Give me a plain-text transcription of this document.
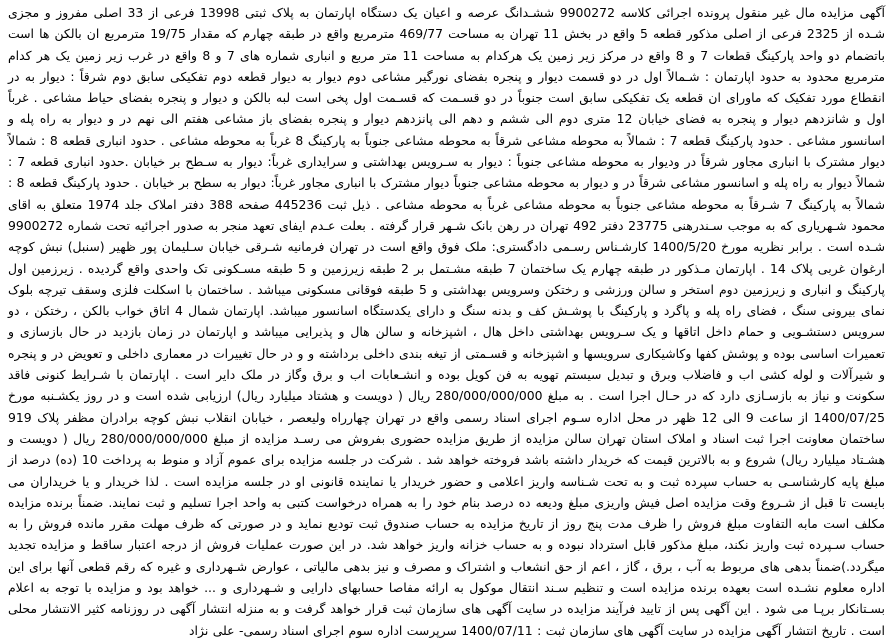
آگهی مزایده مال غیر منقول پرونده اجرائی کلاسه 9900272 ششـدانگ عرصه و اعیان یک دستگاه اپارتمان به پلاک ثبتی 13998 فرعی از 33 اصلی مفروز و مجزی شـده از 2325 فرعی از اصلی مذکور قطعه 5 واقع در بخش 11 تهران به مساحت 469/77 مترمربع واقع در طبقه چهارم که مقدار 19/75 مترمربع ان بالکن ها است باتضمام دو واحد پارکینگ قطعات 7 و 8 واقع در مرکز زیر زمین یک هرکدام به مساحت 11 متر مربع و انباری شماره های 7 و 8 واقع در غرب زیر زمین یک هر کدام مترمربع محدود به حدود اپارتمان : شـمالاً اول در دو قسمت دیوار و پنجره بفضای نورگیر مشاعی دوم دیوار به دیوار قطعه دوم تفکیکی سابق دوم شرقاً : دیوار به در انقطاع مورد تفکیک که ماورای ان قطعه یک تفکیکی سابق است جنوباً در دو قسـمت که قسـمت اول پخی است لبه بالکن و دیوار و پنجره بفضای حیاط مشاعی . غرباً اول و شانزدهم دیوار و پنجره به فضای خیابان 12 متری دوم الی ششم و دهم الی پانزدهم دیوار و پنجره بفضای باز مشاعی هفتم الی نهم در و دیوار به راه پله و اسانسور مشاعی . حدود پارکینگ قطعه 7 : شمالاً به محوطه مشاعی شرقاً به محوطه مشاعی جنوباً به پارکینگ 8 غرباً به محوطه مشاعی . حدود انباری قطعه 8 : شمالاً دیوار مشترک با انباری مجاور شرقاً در ودیوار به محوطه مشاعی جنوباً : دیوار به سـرویس بهداشتی و سرایداری غرباً: دیوار به سـطح بر خیابان .حدود انباری قطعه 7 : شمالاً دیوار به راه پله و اسانسور مشاعی شرقاً در و دیوار به محوطه مشاعی جنوباً دیوار مشترک با انباری مجاور غرباً: دیوار به سطح بر خیابان . حدود پارکینگ قطعه 8 : شمالاً به پارکینگ 7 شـرقاً به محوطه مشاعی جنوباً به محوطه مشاعی غرباً به محوطه مشاعی . ذیل ثبت 445236 صفحه 388 دفتر املاک جلد 1974 متعلق به اقای محمود شـهریاری که به موجب سـندرهنی 23775 دفتر 492 تهران در رهن بانک شـهر قرار گرفته . بعلت عـدم ایفای تعهد منجر به صدور اجرائیه تحت شماره 9900272 شـده است . برابر نظریه مورخ 1400/5/20 کارشـناس رسـمی دادگستری: ملک فوق واقع است در تهران فرمانیه شـرقی خیابان سـلیمان پور ظهیر (سنبل) نبش کوچه ارغوان غربی پلاک 14 . اپارتمان مـذکور در طبقه چهارم یک ساختمان 7 طبقه مشـتمل بر 2 طبقه زیرزمین و 5 طبقه مسـکونی تک واحدی واقع گردیده . زیرزمین اول پارکینگ و انباری و زیرزمین دوم استخر و سالن ورزشی و رختکن وسرویس بهداشتی و 5 طبقه فوقانی مسکونی میباشد . ساختمان با اسکلت فلزی وسقف تیرچه بلوک نمای بیرونی سنگ ، فضای راه پله و پاگرد و پارکینگ با پوشـش کف و بدنه سنگ و دارای یکدستگاه اسانسور میباشد. اپارتمان شمال 4 اتاق خواب بالکن ، رختکن ، دو سرویس دستشـویی و حمام داخل اتاقها و یک سـرویس بهداشتی داخل هال ، اشپزخانه و سالن هال و پذیرایی میباشد و اپارتمان در زمان بازدید در حال بازسازی و تعمیرات اساسی بوده و پوشش کفها وکاشیکاری سرویسها و اشپزخانه و قسـمتی از تیغه بندی داخلی برداشته و و در حال تغییرات در معماری داخلی و تعویض در و پنجره و شیرآلات و لوله کشی اب و فاضلاب وبرق و تبدیل سیستم تهویه به فن کویل بوده و انشـعابات اب و برق وگاز در ملک دایر است . اپارتمان با شـرایط کنونی فاقد سکونت و نیاز به بازسـازی دارد که در حـال اجرا است . به مبلغ 280/000/000/000 ریال ( دویست و هشتاد میلیارد ریال) ارزیابی شده است و در روز یکشـنبه مورخ 1400/07/25 از ساعت 9 الی 12 ظهر در محل اداره سـوم اجرای اسناد رسمی واقع در تهران چهارراه ولیعصر ، خیابان انقلاب نبش کوچه برادران مظفر پلاک 919 ساختمان معاونت اجرا ثبت اسناد و املاک استان تهران سالن مزایده از طریق مزایده حضوری بفروش می رسـد مزایده از مبلغ 280/000/000/000 ریال ( دویست و هشـتاد میلیارد ریال) شروع و به بالاترین قیمت که خریدار داشته باشد فروخته خواهد شد . شرکت در جلسه مزایده برای عموم آزاد و منوط به پرداخت 10 (ده) درصد از مبلغ پایه کارشناسـی به حساب سپرده ثبت و به تحت شـناسه واریز اعلامی و حضور خریدار یا نماینده قانونی او در جلسه مزایده است . لذا خریدار و یا خریداران می بایست تا قبل از شـروع وقت مزایده اصل فیش واریزی مبلغ ودیعه ده درصد بنام خود را به همراه درخواست کتبی به واحد اجرا تسلیم و ثبت نمایند. ضمناً برنده مزایده مکلف است مابه التفاوت مبلغ فروش را ظرف مدت پنج روز از تاریخ مزایده به حساب صندوق ثبت تودیع نماید و در صورتی که ظرف مهلت مقرر مانده فروش را به حساب سـپرده ثبت واریز نکند، مبلغ مذکور قابل استرداد نبوده و به حساب خزانه واریز خواهد شد. در این صورت عملیات فروش از درجه اعتبار ساقط و مزایده تجدید میگردد.)ضمناً بدهی های مربوط به آب ، برق ، گاز ، اعم از حق انشعاب و اشتراک و مصرف و نیز بدهی مالیاتی ، عوارض شـهرداری و غیره که رقم قطعی آنها برای این اداره معلوم نشـده است بعهده برنده مزایده است و تنظیم سـند انتقال موکول به ارائه مفاصا حسابهای دارایی و شـهرداری و ... خواهد بود و مزایده با توجه به اعلام بسـتانکار برپـا می شود . این آگهی پس از تایید فرآیند مزایده در سایت آگهی های سازمان ثبت قرار خواهد گرفت و به منزله انتشار آگهی در روزنامه کثیر الانتشار محلی است . تاریخ انتشار آگهی مزایده در سایت آگهی های سازمان ثبت : 1400/07/11 سرپرست اداره سوم اجرای اسناد رسمی- علی نژاد
